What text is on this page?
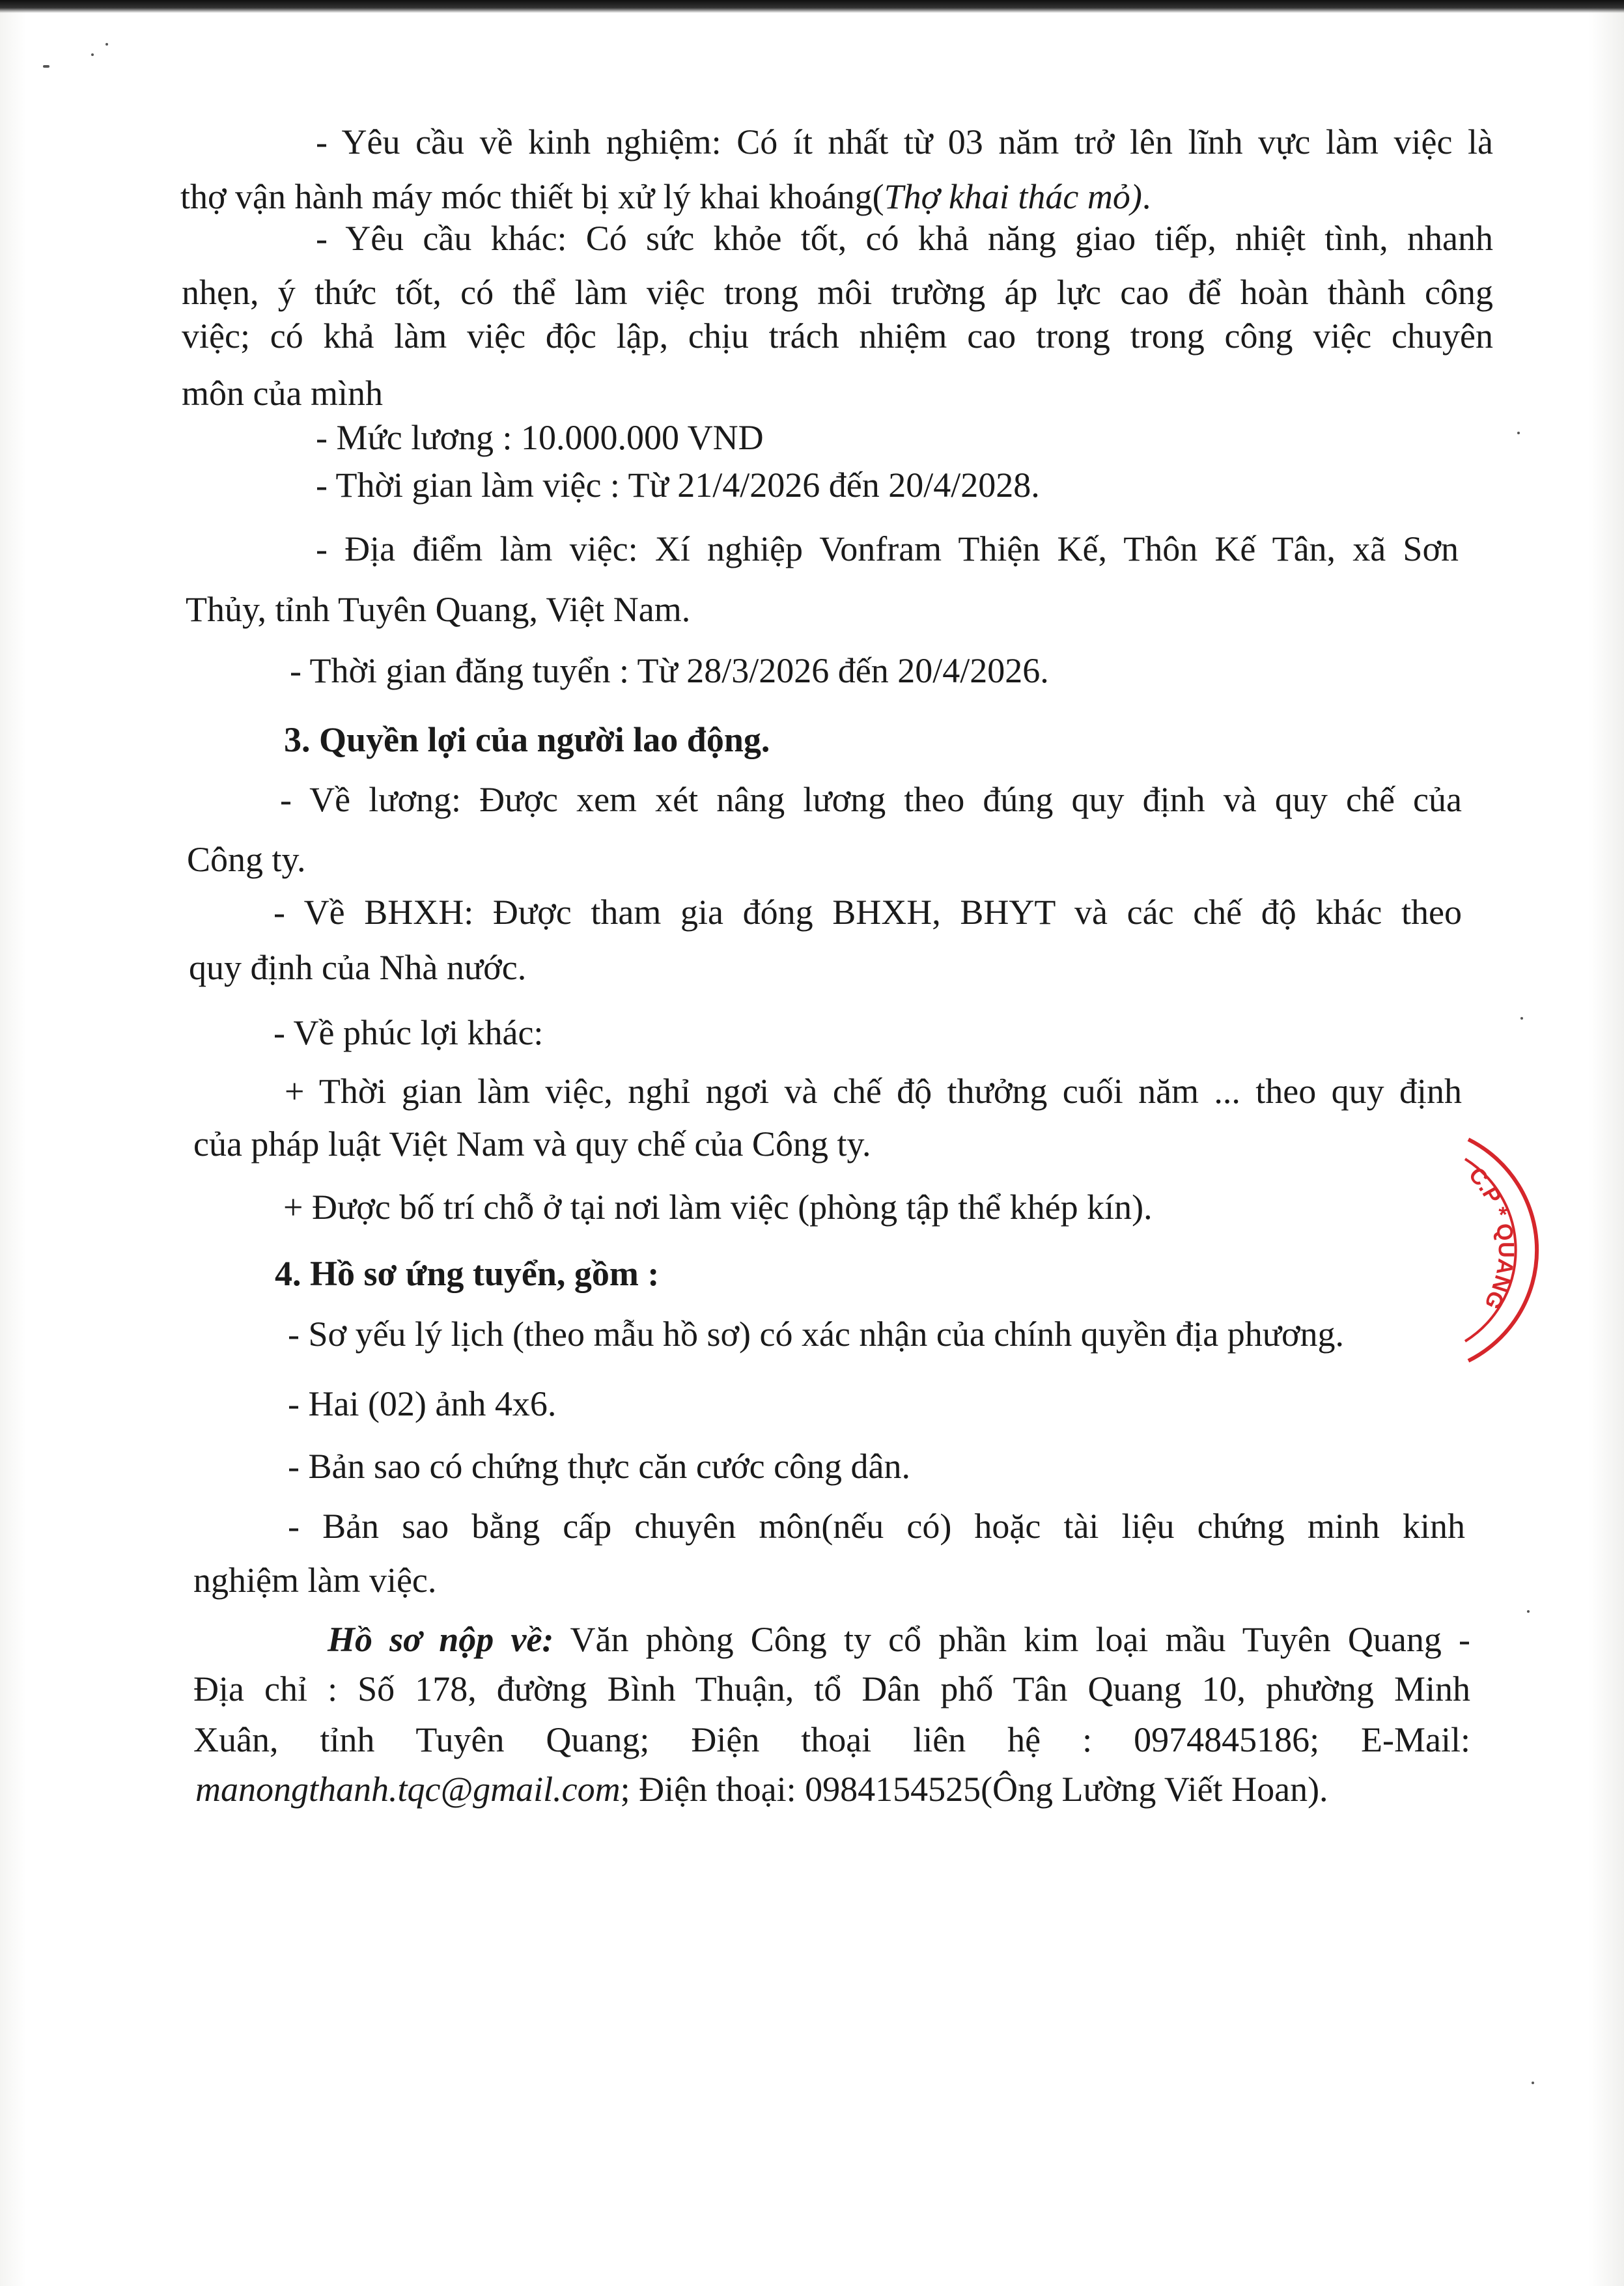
- Yêu cầu về kinh nghiệm: Có ít nhất từ 03 năm trở lên lĩnh vực làm việc là
thợ vận hành máy móc thiết bị xử lý khai khoáng(Thợ khai thác mỏ).
- Yêu cầu khác: Có sức khỏe tốt, có khả năng giao tiếp, nhiệt tình, nhanh
nhẹn, ý thức tốt, có thể làm việc trong môi trường áp lực cao để hoàn thành công
việc; có khả làm việc độc lập, chịu trách nhiệm cao trong trong công việc chuyên
môn của mình
- Mức lương : 10.000.000 VND
- Thời gian làm việc : Từ 21/4/2026 đến 20/4/2028.
- Địa điểm làm việc: Xí nghiệp Vonfram Thiện Kế, Thôn Kế Tân, xã Sơn
Thủy, tỉnh Tuyên Quang, Việt Nam.
- Thời gian đăng tuyển : Từ 28/3/2026 đến 20/4/2026.
3. Quyền lợi của người lao động.
- Về lương: Được xem xét nâng lương theo đúng quy định và quy chế của
Công ty.
- Về BHXH: Được tham gia đóng BHXH, BHYT và các chế độ khác theo
quy định của Nhà nước.
- Về phúc lợi khác:
+ Thời gian làm việc, nghỉ ngơi và chế độ thưởng cuối năm ... theo quy định
của pháp luật Việt Nam và quy chế của Công ty.
+ Được bố trí chỗ ở tại nơi làm việc (phòng tập thể khép kín).
4. Hồ sơ ứng tuyển, gồm :
- Sơ yếu lý lịch (theo mẫu hồ sơ) có xác nhận của chính quyền địa phương.
- Hai (02) ảnh 4x6.
- Bản sao có chứng thực căn cước công dân.
- Bản sao bằng cấp chuyên môn(nếu có) hoặc tài liệu chứng minh kinh
nghiệm làm việc.
Hồ sơ nộp về: Văn phòng Công ty cổ phần kim loại mầu Tuyên Quang -
Địa chỉ : Số 178, đường Bình Thuận, tổ Dân phố Tân Quang 10, phường Minh
Xuân, tỉnh Tuyên Quang; Điện thoại liên hệ : 0974845186; E-Mail:
manongthanh.tqc@gmail.com; Điện thoại: 0984154525(Ông Lường Viết Hoan).
C.P * QUANG
